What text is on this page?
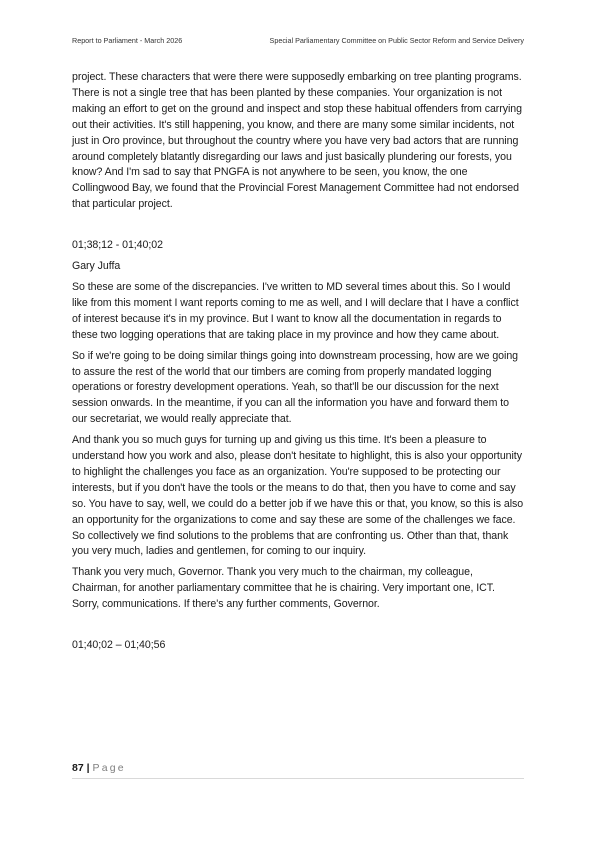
Report to Parliament - March 2026	Special Parliamentary Committee on Public Sector Reform and Service Delivery

project. These characters that were there were supposedly embarking on tree planting programs. There is not a single tree that has been planted by these companies. Your organization is not making an effort to get on the ground and inspect and stop these habitual offenders from carrying out their activities. It's still happening, you know, and there are many some similar incidents, not just in Oro province, but throughout the country where you have very bad actors that are running around completely blatantly disregarding our laws and just basically plundering our forests, you know? And I'm sad to say that PNGFA is not anywhere to be seen, you know, the one Collingwood Bay, we found that the Provincial Forest Management Committee had not endorsed that particular project.

01;38;12 - 01;40;02

Gary Juffa

So these are some of the discrepancies. I've written to MD several times about this. So I would like from this moment I want reports coming to me as well, and I will declare that I have a conflict of interest because it's in my province. But I want to know all the documentation in regards to these two logging operations that are taking place in my province and how they came about.

So if we're going to be doing similar things going into downstream processing, how are we going to assure the rest of the world that our timbers are coming from properly mandated logging operations or forestry development operations. Yeah, so that'll be our discussion for the next session onwards. In the meantime, if you can all the information you have and forward them to our secretariat, we would really appreciate that.

And thank you so much guys for turning up and giving us this time. It's been a pleasure to understand how you work and also, please don't hesitate to highlight, this is also your opportunity to highlight the challenges you face as an organization. You're supposed to be protecting our interests, but if you don't have the tools or the means to do that, then you have to come and say so. You have to say, well, we could do a better job if we have this or that, you know, so this is also an opportunity for the organizations to come and say these are some of the challenges we face. So collectively we find solutions to the problems that are confronting us. Other than that, thank you very much, ladies and gentlemen, for coming to our inquiry.

Thank you very much, Governor. Thank you very much to the chairman, my colleague, Chairman, for another parliamentary committee that he is chairing. Very important one, ICT. Sorry, communications. If there's any further comments, Governor.

01;40;02 – 01;40;56

87 | Page
